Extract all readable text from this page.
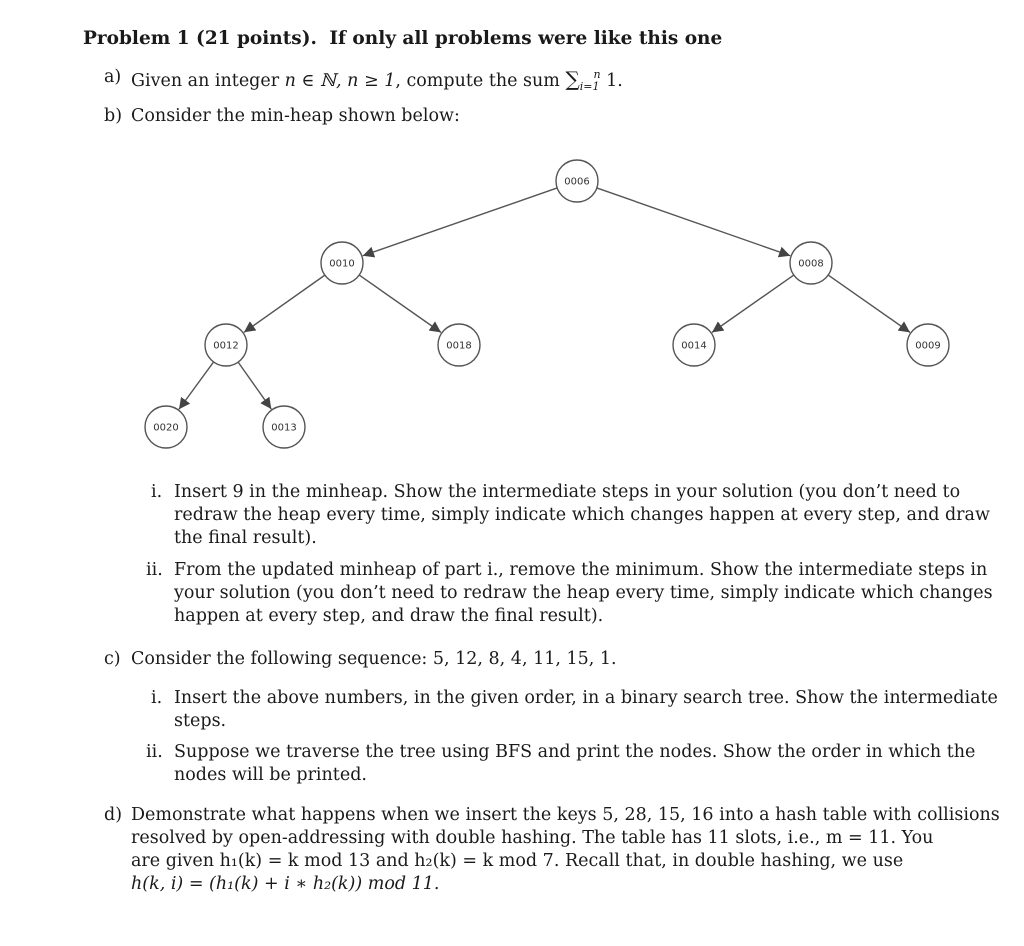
Problem 1 (21 points). If only all problems were like this one
a) Given an integer n ∈ ℕ, n ≥ 1, compute the sum $\sum_{i=1}^n$ 1.
b) Consider the min-heap shown below:
0006
0010	0008
0012	0018	0014	0009
0020	0013
i. Insert 9 in the minheap. Show the intermediate steps in your solution (you don’t need to
redraw the heap every time, simply indicate which changes happen at every step, and draw
the final result).
ii. From the updated minheap of part i., remove the minimum. Show the intermediate steps in
your solution (you don’t need to redraw the heap every time, simply indicate which changes
happen at every step, and draw the final result).
c) Consider the following sequence: 5, 12, 8, 4, 11, 15, 1.
i. Insert the above numbers, in the given order, in a binary search tree. Show the intermediate
steps.
ii. Suppose we traverse the tree using BFS and print the nodes. Show the order in which the
nodes will be printed.
d) Demonstrate what happens when we insert the keys 5, 28, 15, 16 into a hash table with collisions
resolved by open-addressing with double hashing. The table has 11 slots, i.e., m = 11. You
are given h₁(k) = k mod 13 and h₂(k) = k mod 7. Recall that, in double hashing, we use
h(k, i) = (h₁(k) + i ∗ h₂(k)) mod 11.
